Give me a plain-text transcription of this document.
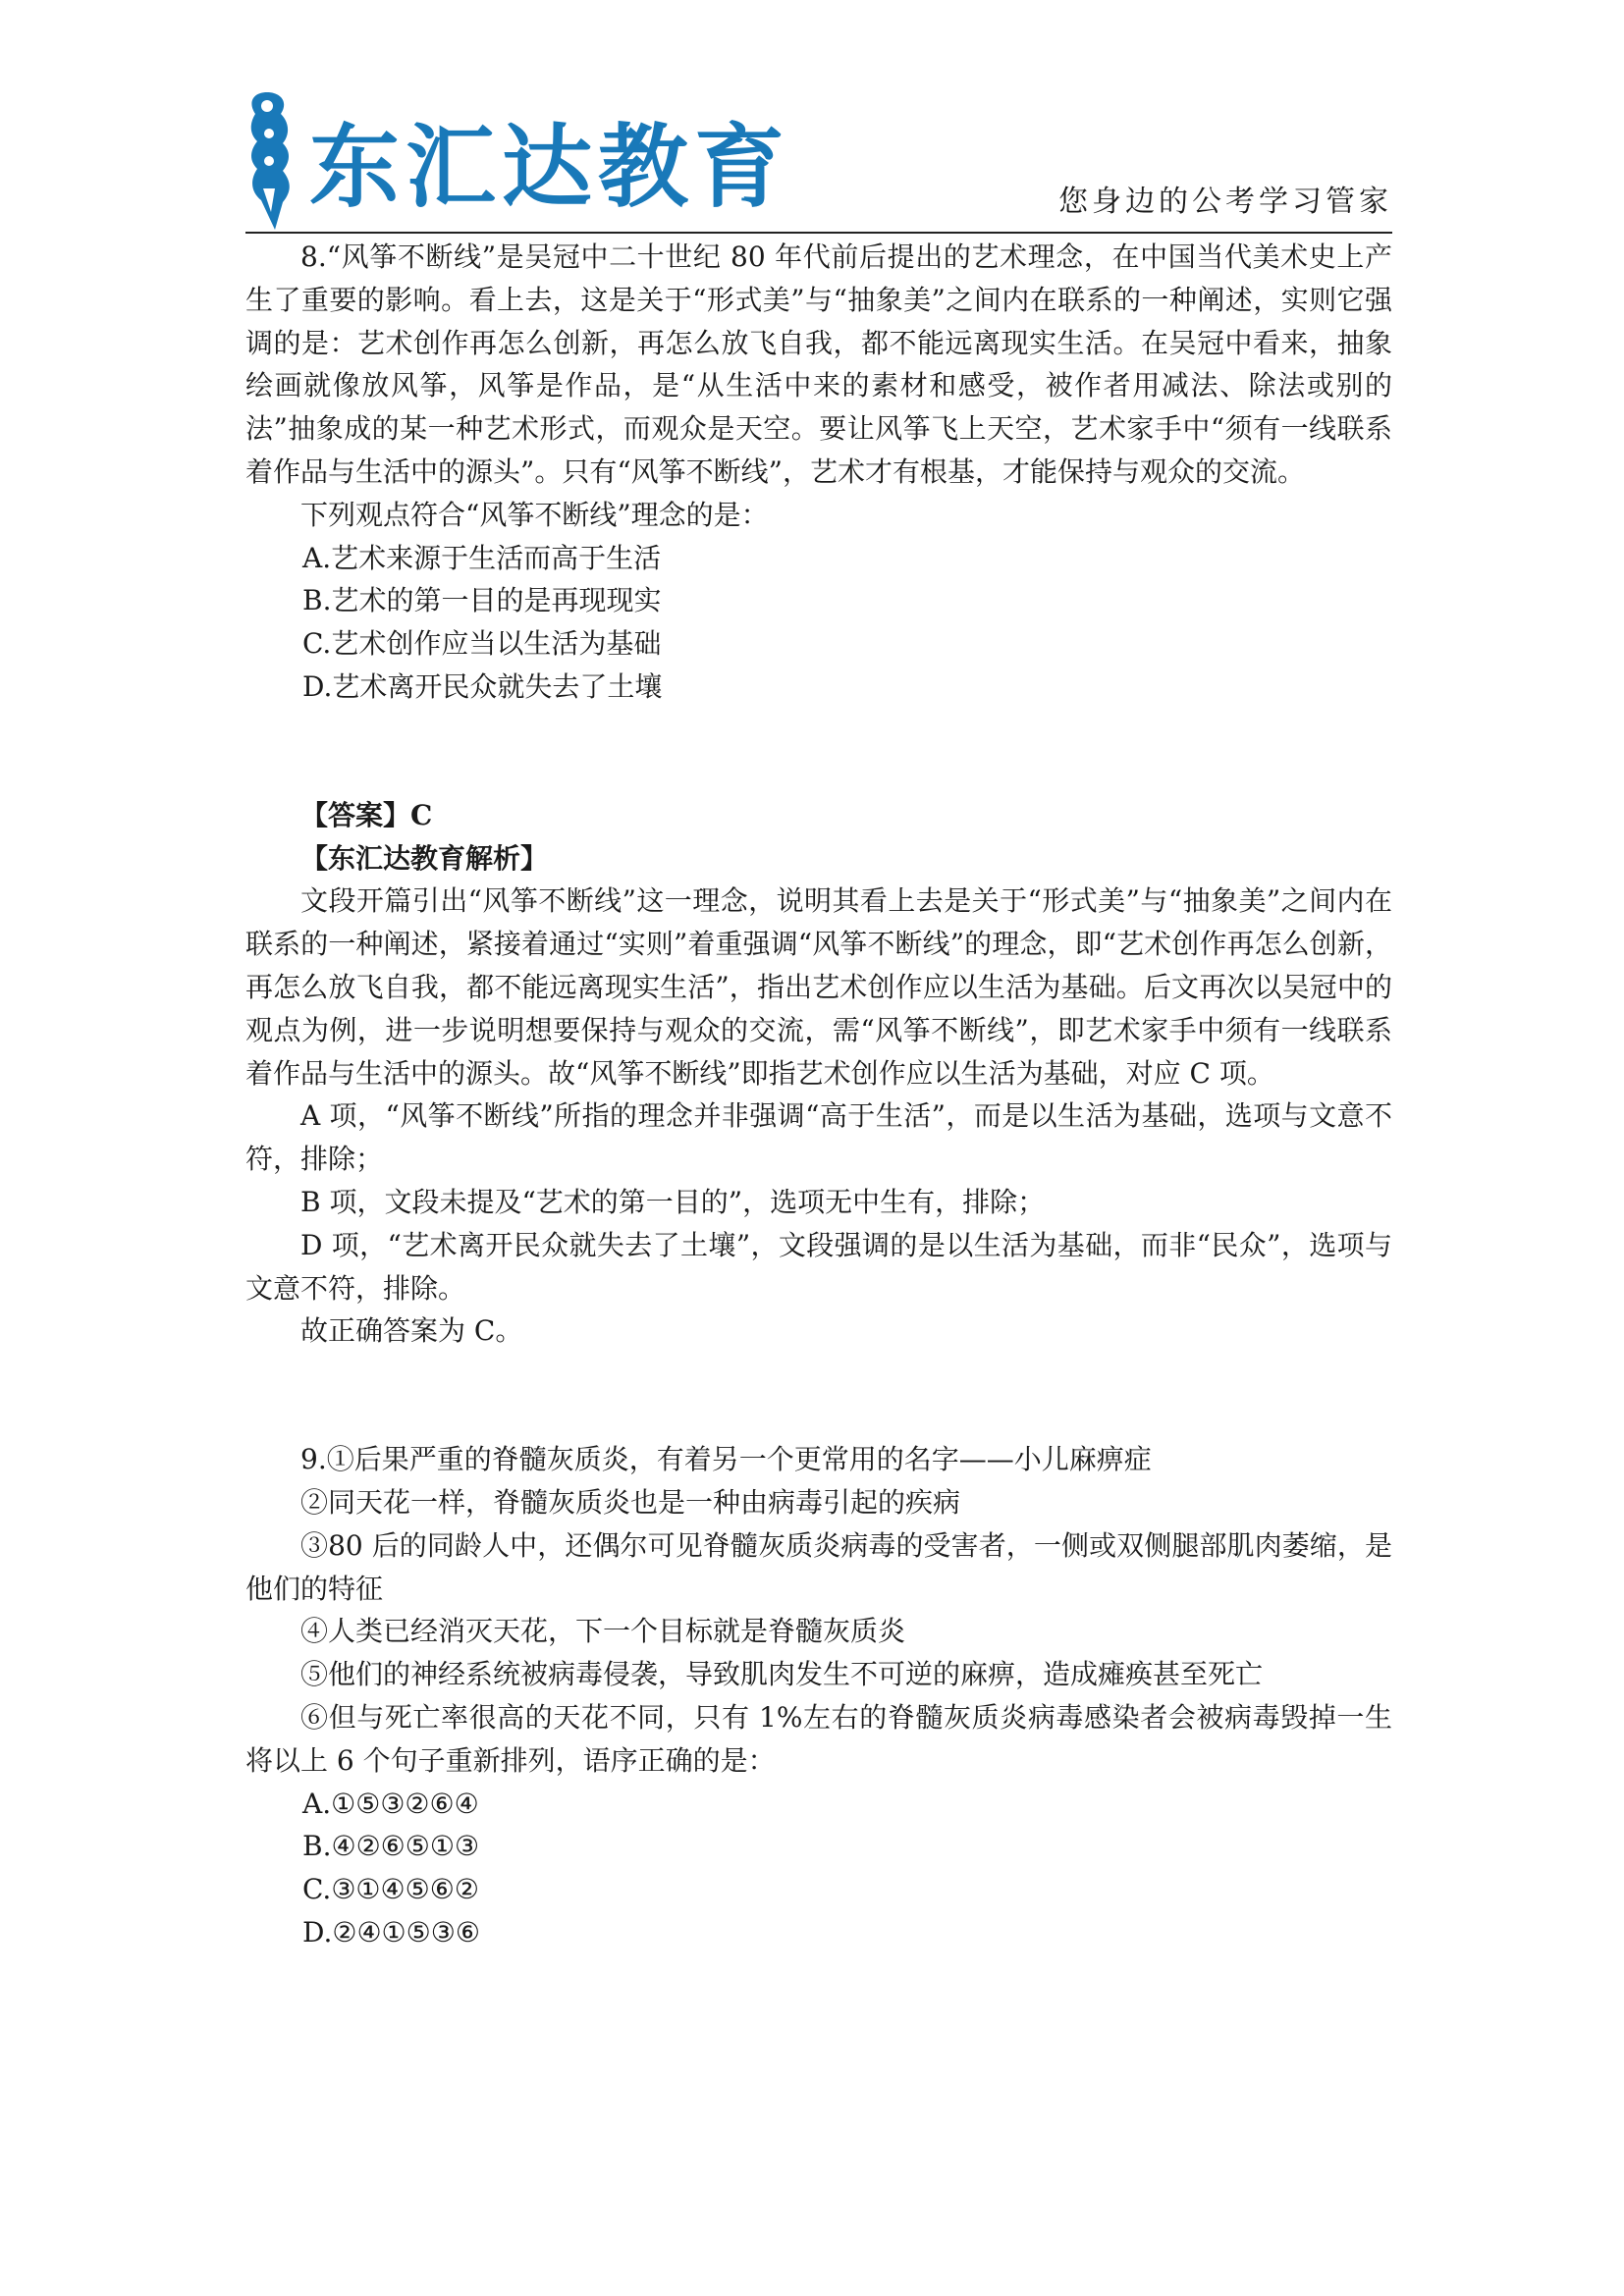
东汇达教育	您身边的公考学习管家

8.“风筝不断线”是吴冠中二十世纪 80 年代前后提出的艺术理念，在中国当代美术史上产生了重要的影响。看上去，这是关于“形式美”与“抽象美”之间内在联系的一种阐述，实则它强调的是：艺术创作再怎么创新，再怎么放飞自我，都不能远离现实生活。在吴冠中看来，抽象绘画就像放风筝，风筝是作品，是“从生活中来的素材和感受，被作者用减法、除法或别的法”抽象成的某一种艺术形式，而观众是天空。要让风筝飞上天空，艺术家手中“须有一线联系着作品与生活中的源头”。只有“风筝不断线”，艺术才有根基，才能保持与观众的交流。

下列观点符合“风筝不断线”理念的是：

A.艺术来源于生活而高于生活

B.艺术的第一目的是再现现实

C.艺术创作应当以生活为基础

D.艺术离开民众就失去了土壤

【答案】C

【东汇达教育解析】

文段开篇引出“风筝不断线”这一理念，说明其看上去是关于“形式美”与“抽象美”之间内在联系的一种阐述，紧接着通过“实则”着重强调“风筝不断线”的理念，即“艺术创作再怎么创新，再怎么放飞自我，都不能远离现实生活”，指出艺术创作应以生活为基础。后文再次以吴冠中的观点为例，进一步说明想要保持与观众的交流，需“风筝不断线”，即艺术家手中须有一线联系着作品与生活中的源头。故“风筝不断线”即指艺术创作应以生活为基础，对应 C 项。

A 项，“风筝不断线”所指的理念并非强调“高于生活”，而是以生活为基础，选项与文意不符，排除；

B 项，文段未提及“艺术的第一目的”，选项无中生有，排除；

D 项，“艺术离开民众就失去了土壤”，文段强调的是以生活为基础，而非“民众”，选项与文意不符，排除。

故正确答案为 C。

9.①后果严重的脊髓灰质炎，有着另一个更常用的名字——小儿麻痹症

②同天花一样，脊髓灰质炎也是一种由病毒引起的疾病

③80 后的同龄人中，还偶尔可见脊髓灰质炎病毒的受害者，一侧或双侧腿部肌肉萎缩，是他们的特征

④人类已经消灭天花，下一个目标就是脊髓灰质炎

⑤他们的神经系统被病毒侵袭，导致肌肉发生不可逆的麻痹，造成瘫痪甚至死亡

⑥但与死亡率很高的天花不同，只有 1%左右的脊髓灰质炎病毒感染者会被病毒毁掉一生将以上 6 个句子重新排列，语序正确的是：

A.①⑤③②⑥④

B.④②⑥⑤①③

C.③①④⑤⑥②

D.②④①⑤③⑥
